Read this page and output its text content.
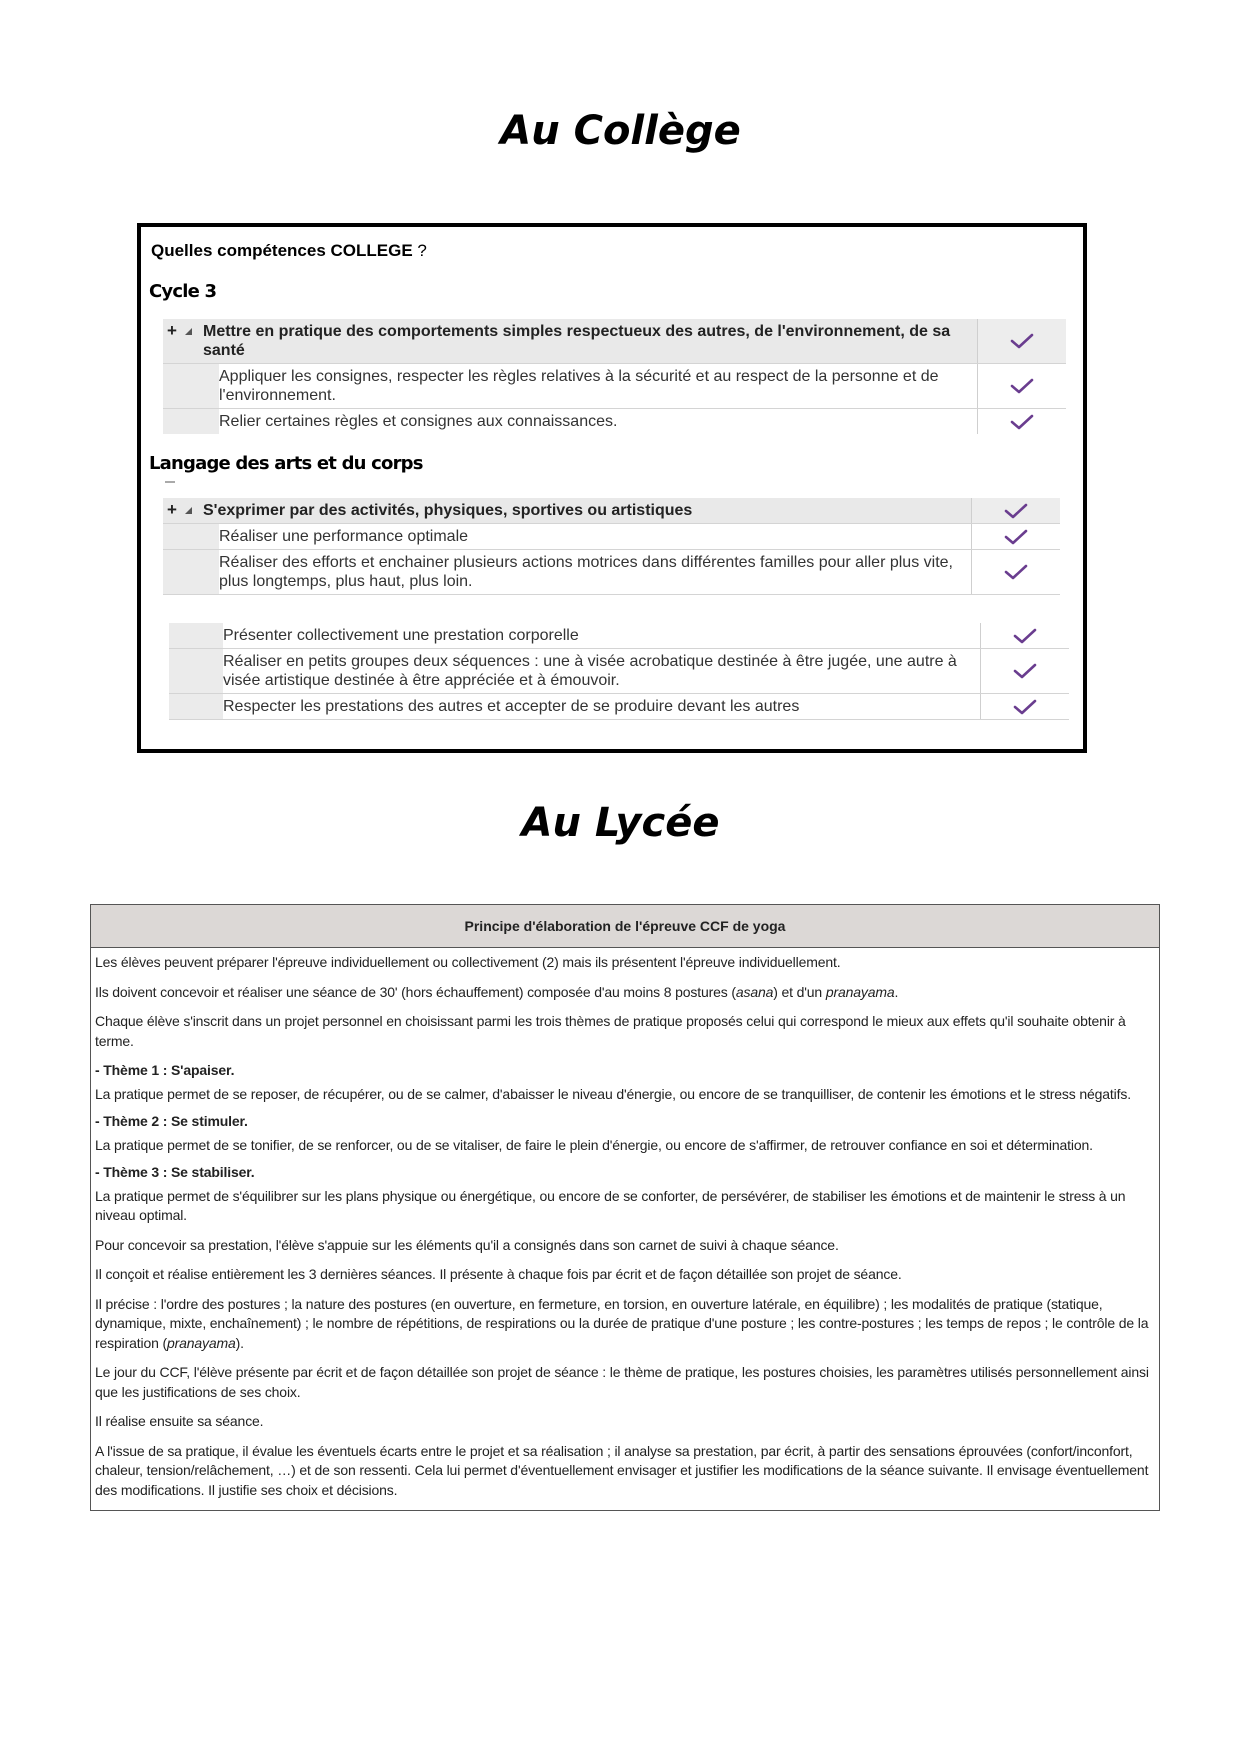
Au Collège
Quelles compétences COLLEGE ?
Cycle 3
+ Mettre en pratique des comportements simples respectueux des autres, de l'environnement, de sa santé
Appliquer les consignes, respecter les règles relatives à la sécurité et au respect de la personne et de l'environnement.
Relier certaines règles et consignes aux connaissances.
Langage des arts et du corps
+ S'exprimer par des activités, physiques, sportives ou artistiques
Réaliser une performance optimale
Réaliser des efforts et enchainer plusieurs actions motrices dans différentes familles pour aller plus vite, plus longtemps, plus haut, plus loin.
Présenter collectivement une prestation corporelle
Réaliser en petits groupes deux séquences : une à visée acrobatique destinée à être jugée, une autre à visée artistique destinée à être appréciée et à émouvoir.
Respecter les prestations des autres et accepter de se produire devant les autres
Au Lycée
Principe d'élaboration de l'épreuve CCF de yoga

Les élèves peuvent préparer l'épreuve individuellement ou collectivement (2) mais ils présentent l'épreuve individuellement.

Ils doivent concevoir et réaliser une séance de 30' (hors échauffement) composée d'au moins 8 postures (asana) et d'un pranayama.

Chaque élève s'inscrit dans un projet personnel en choisissant parmi les trois thèmes de pratique proposés celui qui correspond le mieux aux effets qu'il souhaite obtenir à terme.

- Thème 1 : S'apaiser.

La pratique permet de se reposer, de récupérer, ou de se calmer, d'abaisser le niveau d'énergie, ou encore de se tranquilliser, de contenir les émotions et le stress négatifs.

- Thème 2 : Se stimuler.

La pratique permet de se tonifier, de se renforcer, ou de se vitaliser, de faire le plein d'énergie, ou encore de s'affirmer, de retrouver confiance en soi et détermination.

- Thème 3 : Se stabiliser.

La pratique permet de s'équilibrer sur les plans physique ou énergétique, ou encore de se conforter, de persévérer, de stabiliser les émotions et de maintenir le stress à un niveau optimal.

Pour concevoir sa prestation, l'élève s'appuie sur les éléments qu'il a consignés dans son carnet de suivi à chaque séance.

Il conçoit et réalise entièrement les 3 dernières séances. Il présente à chaque fois par écrit et de façon détaillée son projet de séance.

Il précise : l'ordre des postures ; la nature des postures (en ouverture, en fermeture, en torsion, en ouverture latérale, en équilibre) ; les modalités de pratique (statique, dynamique, mixte, enchaînement) ; le nombre de répétitions, de respirations ou la durée de pratique d'une posture ; les contre-postures ; les temps de repos ; le contrôle de la respiration (pranayama).

Le jour du CCF, l'élève présente par écrit et de façon détaillée son projet de séance : le thème de pratique, les postures choisies, les paramètres utilisés personnellement ainsi que les justifications de ses choix.

Il réalise ensuite sa séance.

A l'issue de sa pratique, il évalue les éventuels écarts entre le projet et sa réalisation ; il analyse sa prestation, par écrit, à partir des sensations éprouvées (confort/inconfort, chaleur, tension/relâchement, …) et de son ressenti. Cela lui permet d'éventuellement envisager et justifier les modifications de la séance suivante. Il envisage éventuellement des modifications. Il justifie ses choix et décisions.
